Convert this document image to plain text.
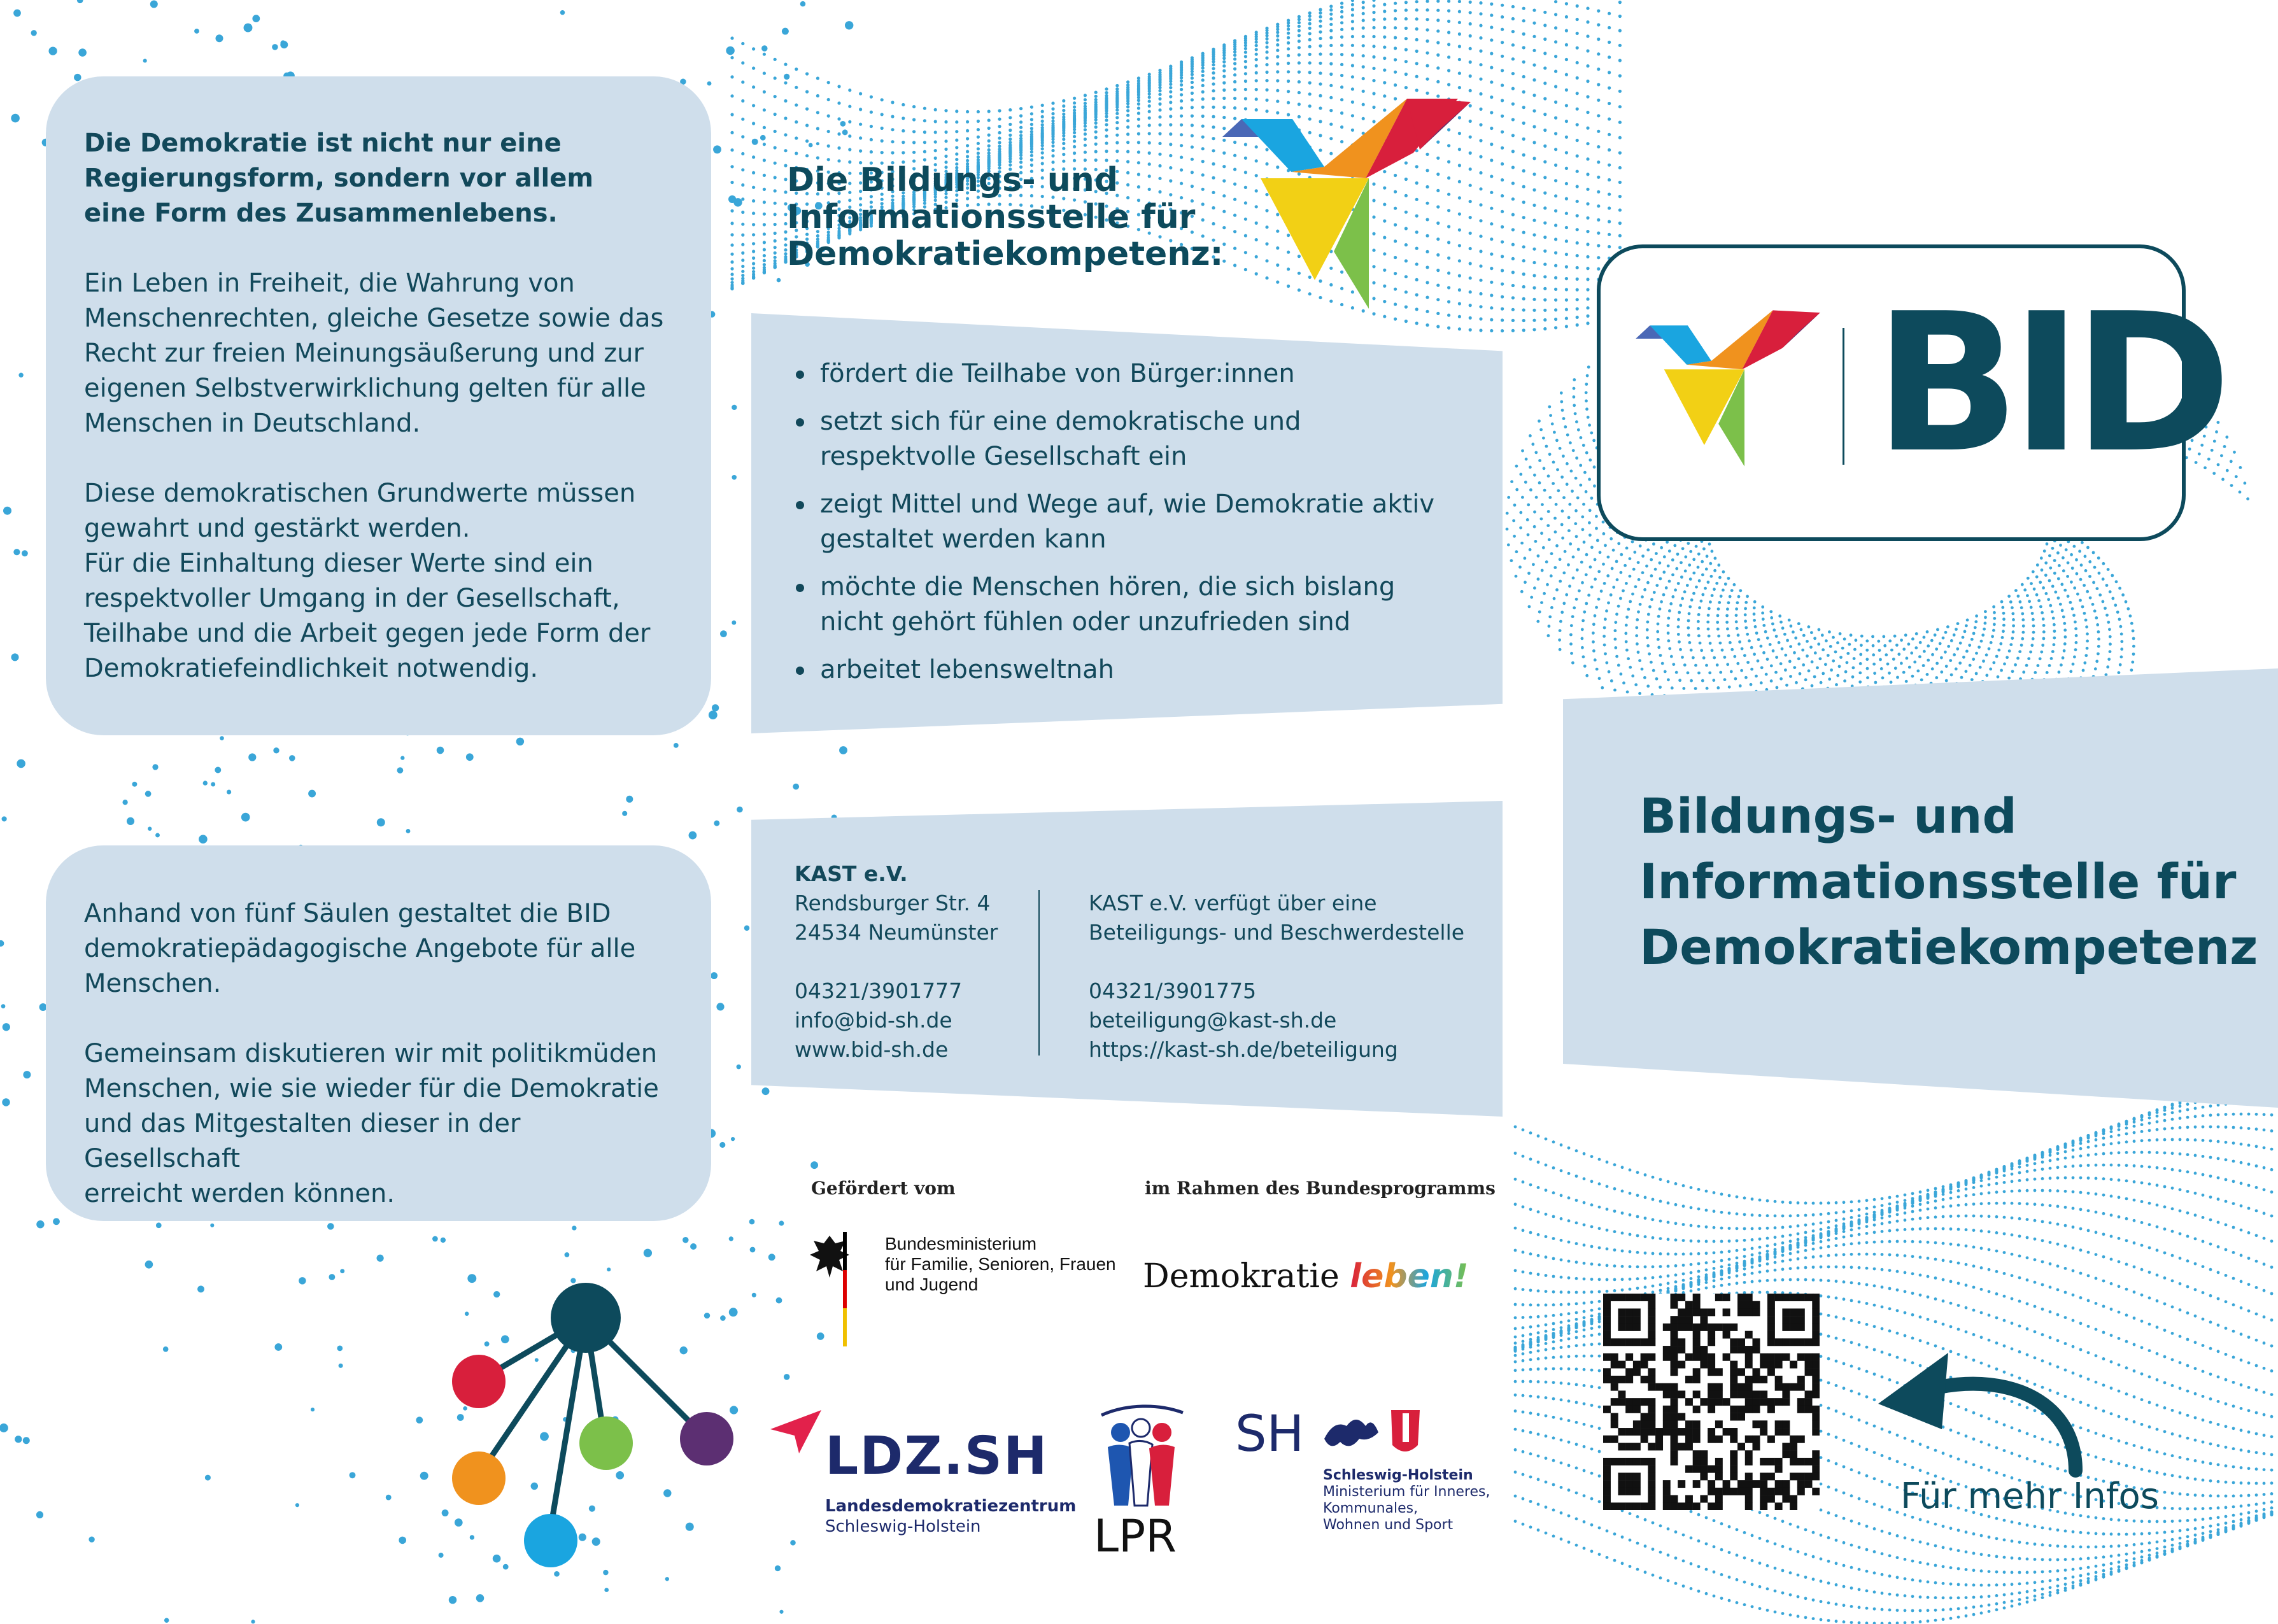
Die Demokratie ist nicht nur eine

Regierungsform, sondern vor allem

eine Form des Zusammenlebens.

Ein Leben in Freiheit, die Wahrung von

Menschenrechten, gleiche Gesetze sowie das

Recht zur freien Meinungsäußerung und zur

eigenen Selbstverwirklichung gelten für alle

Menschen in Deutschland.

Diese demokratischen Grundwerte müssen

gewahrt und gestärkt werden.

Für die Einhaltung dieser Werte sind ein

respektvoller Umgang in der Gesellschaft,

Teilhabe und die Arbeit gegen jede Form der

Demokratiefeindlichkeit notwendig.

Anhand von fünf Säulen gestaltet die BID

demokratiepädagogische Angebote für alle

Menschen.

Gemeinsam diskutieren wir mit politikmüden

Menschen, wie sie wieder für die Demokratie

und das Mitgestalten dieser in der Gesellschaft

erreicht werden können.

Die Bildungs- und
Informationsstelle für
Demokratiekompetenz:
fördert die Teilhabe von Bürger:innen
setzt sich für eine demokratische und
respektvolle Gesellschaft ein
zeigt Mittel und Wege auf, wie Demokratie aktiv
gestaltet werden kann
möchte die Menschen hören, die sich bislang
nicht gehört fühlen oder unzufrieden sind
arbeitet lebensweltnah
KAST e.V.
Rendsburger Str. 4
24534 Neumünster
04321/3901777
info@bid-sh.de
www.bid-sh.de
KAST e.V. verfügt über eine
Beteiligungs- und Beschwerdestelle
04321/3901775
beteiligung@kast-sh.de
https://kast-sh.de/beteiligung
Gefördert vom	im Rahmen des Bundesprogramms
Bundesministerium
für Familie, Senioren, Frauen
und Jugend	Demokratie leben!
LDZ.SH
Landesdemokratiezentrum
Schleswig-Holstein	LPR
SH
Schleswig-Holstein
Ministerium für Inneres,
Kommunales,
Wohnen und Sport
BID
Bildungs- und
Informationsstelle für
Demokratiekompetenz
Für mehr Infos
